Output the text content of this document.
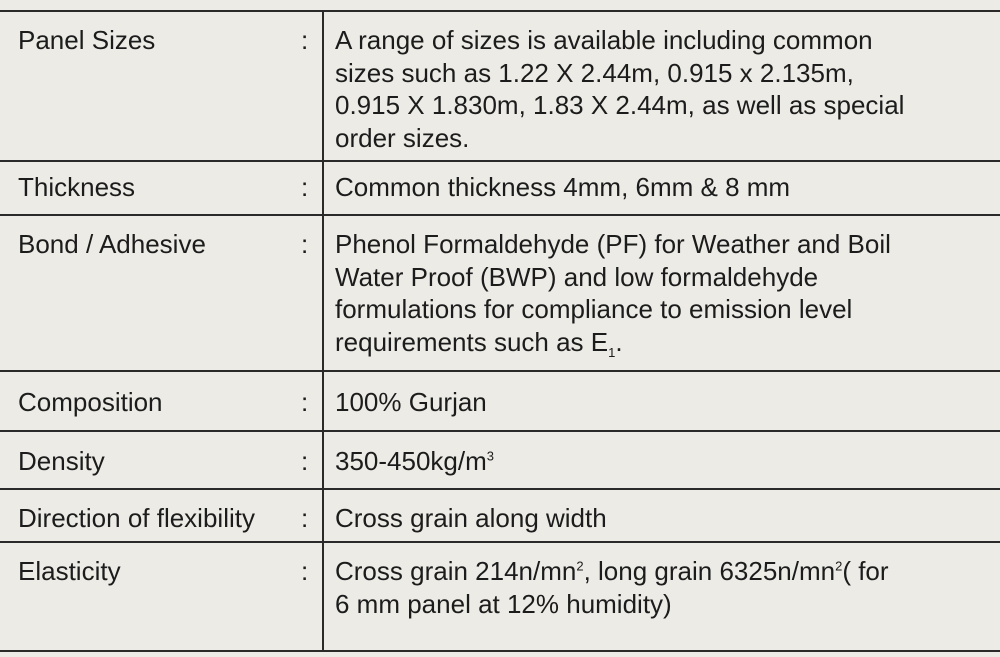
Panel Sizes	: A range of sizes is available including common
sizes such as 1.22 X 2.44m, 0.915 x 2.135m,
0.915 X 1.830m, 1.83 X 2.44m, as well as special
order sizes.
Thickness	: Common thickness 4mm, 6mm & 8 mm
Bond / Adhesive	: Phenol Formaldehyde (PF) for Weather and Boil
Water Proof (BWP) and low formaldehyde
formulations for compliance to emission level
requirements such as $E_1$.
Composition	: 100% Gurjan
Density	: $350-450kg/m^3$
Direction of flexibility : Cross grain along width
Elasticity	: Cross grain $214n/mn^2$, long grain $6325n/mn^2$( for
6 mm panel at 12% humidity)
